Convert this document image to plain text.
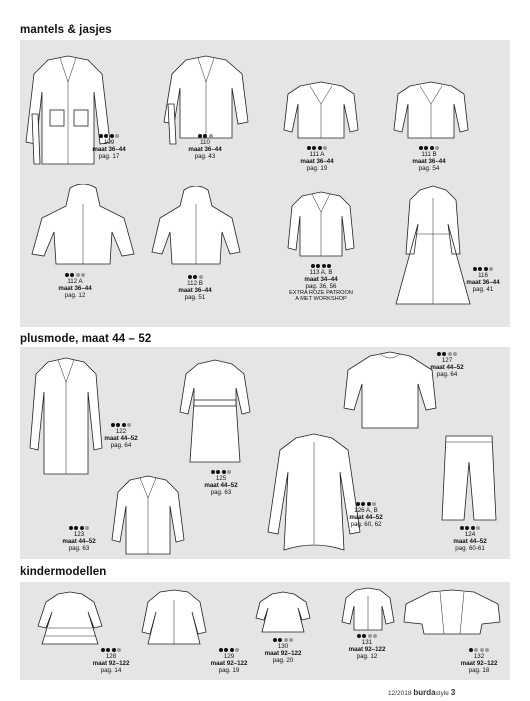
mantels & jasjes
plusmode, maat 44 – 52
kindermodellen
109
maat 36–44
pag. 17
110
maat 36–44
pag. 43	111 A
maat 36–44
pag. 19
111 B
maat 36–44
pag. 54
112 A
maat 36–44
pag. 12
112 B
maat 36–44
pag. 51
113 A, B
maat 34–44
pag. 36, 56
EXTRA ROZE PATROON
A MET WORKSHOP
116
maat 36–44
pag. 41
122
maat 44–52
pag. 64
125
maat 44–52
pag. 63
127
maat 44–52
pag. 64
123
maat 44–52
pag. 63
126 A, B
maat 44–52
pag. 60, 62
124
maat 44–52
pag. 60-61
128
maat 92–122
pag. 14
129
maat 92–122
pag. 19
130
maat 92–122
pag. 20
131
maat 92–122
pag. 12	132
maat 92–122
pag. 18
12/2018 burdastyle 3
